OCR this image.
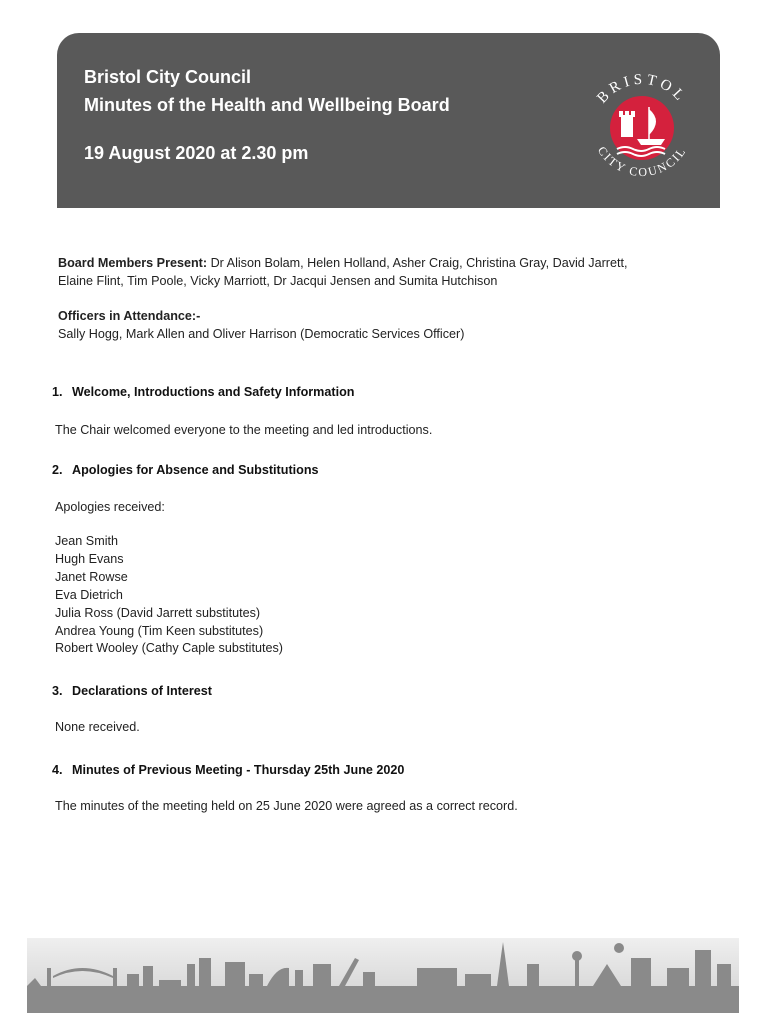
Bristol City Council
Minutes of the Health and Wellbeing Board
19 August 2020 at 2.30 pm
BRISTOL
CITY COUNCIL
Board Members Present: Dr Alison Bolam, Helen Holland, Asher Craig, Christina Gray, David Jarrett,
Elaine Flint, Tim Poole, Vicky Marriott, Dr Jacqui Jensen and Sumita Hutchison
Officers in Attendance:-
Sally Hogg, Mark Allen and Oliver Harrison (Democratic Services Officer)
1. Welcome, Introductions and Safety Information
The Chair welcomed everyone to the meeting and led introductions.
2. Apologies for Absence and Substitutions
Apologies received:
Jean Smith
Hugh Evans
Janet Rowse
Eva Dietrich
Julia Ross (David Jarrett substitutes)
Andrea Young (Tim Keen substitutes)
Robert Wooley (Cathy Caple substitutes)
3. Declarations of Interest
None received.
4. Minutes of Previous Meeting - Thursday 25th June 2020
The minutes of the meeting held on 25 June 2020 were agreed as a correct record.
